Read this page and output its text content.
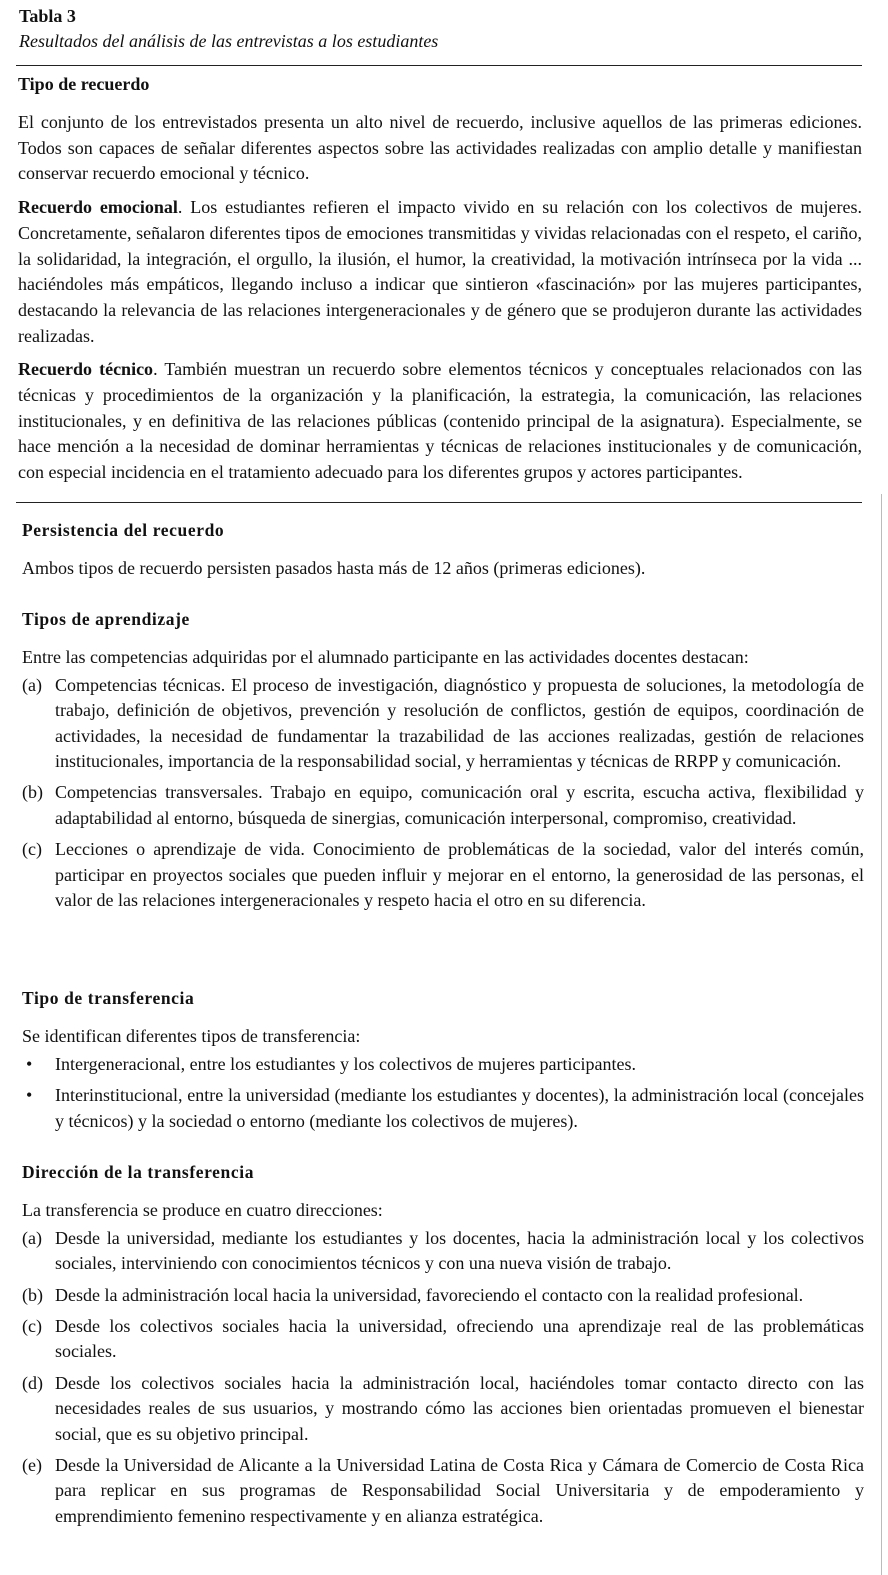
Tabla 3
Resultados del análisis de las entrevistas a los estudiantes

Tipo de recuerdo

El conjunto de los entrevistados presenta un alto nivel de recuerdo, inclusive aquellos de las primeras ediciones. Todos son capaces de señalar diferentes aspectos sobre las actividades realizadas con amplio detalle y manifiestan conservar recuerdo emocional y técnico.

Recuerdo emocional. Los estudiantes refieren el impacto vivido en su relación con los colectivos de mujeres. Concretamente, señalaron diferentes tipos de emociones transmitidas y vividas relacionadas con el respeto, el cariño, la solidaridad, la integración, el orgullo, la ilusión, el humor, la creatividad, la motivación intrínseca por la vida ... haciéndoles más empáticos, llegando incluso a indicar que sintieron «fascinación» por las mujeres participantes, destacando la relevancia de las relaciones intergeneracionales y de género que se produjeron durante las actividades realizadas.

Recuerdo técnico. También muestran un recuerdo sobre elementos técnicos y conceptuales relacionados con las técnicas y procedimientos de la organización y la planificación, la estrategia, la comunicación, las relaciones institucionales, y en definitiva de las relaciones públicas (contenido principal de la asignatura). Especialmente, se hace mención a la necesidad de dominar herramientas y técnicas de relaciones institucionales y de comunicación, con especial incidencia en el tratamiento adecuado para los diferentes grupos y actores participantes.

Persistencia del recuerdo

Ambos tipos de recuerdo persisten pasados hasta más de 12 años (primeras ediciones).

Tipos de aprendizaje

Entre las competencias adquiridas por el alumnado participante en las actividades docentes destacan:

(a) Competencias técnicas. El proceso de investigación, diagnóstico y propuesta de soluciones, la metodología de trabajo, definición de objetivos, prevención y resolución de conflictos, gestión de equipos, coordinación de actividades, la necesidad de fundamentar la trazabilidad de las acciones realizadas, gestión de relaciones institucionales, importancia de la responsabilidad social, y herramientas y técnicas de RRPP y comunicación.
(b) Competencias transversales. Trabajo en equipo, comunicación oral y escrita, escucha activa, flexibilidad y adaptabilidad al entorno, búsqueda de sinergias, comunicación interpersonal, compromiso, creatividad.
(c) Lecciones o aprendizaje de vida. Conocimiento de problemáticas de la sociedad, valor del interés común, participar en proyectos sociales que pueden influir y mejorar en el entorno, la generosidad de las personas, el valor de las relaciones intergeneracionales y respeto hacia el otro en su diferencia.

Tipo de transferencia

Se identifican diferentes tipos de transferencia:

•	Intergeneracional, entre los estudiantes y los colectivos de mujeres participantes.
•	Interinstitucional, entre la universidad (mediante los estudiantes y docentes), la administración local (concejales y técnicos) y la sociedad o entorno (mediante los colectivos de mujeres).

Dirección de la transferencia

La transferencia se produce en cuatro direcciones:

(a) Desde la universidad, mediante los estudiantes y los docentes, hacia la administración local y los colectivos sociales, interviniendo con conocimientos técnicos y con una nueva visión de trabajo.
(b) Desde la administración local hacia la universidad, favoreciendo el contacto con la realidad profesional.
(c) Desde los colectivos sociales hacia la universidad, ofreciendo una aprendizaje real de las problemáticas sociales.
(d) Desde los colectivos sociales hacia la administración local, haciéndoles tomar contacto directo con las necesidades reales de sus usuarios, y mostrando cómo las acciones bien orientadas promueven el bienestar social, que es su objetivo principal.
(e) Desde la Universidad de Alicante a la Universidad Latina de Costa Rica y Cámara de Comercio de Costa Rica para replicar en sus programas de Responsabilidad Social Universitaria y de empoderamiento y emprendimiento femenino respectivamente y en alianza estratégica.
